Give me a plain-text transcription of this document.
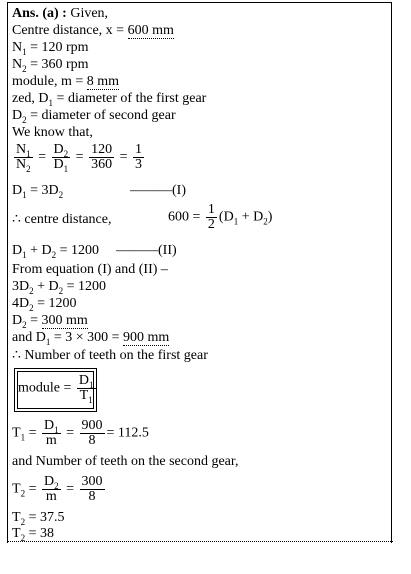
Ans. (a) : Given,
Centre distance, x = 600 mm
$N_1 = 120$ rpm
$N_2 = 360$ rpm
module, m = 8 mm
zed, $D_1$ = diameter of the first gear
$D_2$ = diameter of second gear
We know that,
$\frac{N_1}{N_2} = \frac{D_2}{D_1} = \frac{120}{360} = \frac{1}{3}$
$D_1 = 3D_2$	———(I)
∴ centre distance,	$600 = \frac{1}{2} (D_1 + D_2)$
$D_1 + D_2 = 1200$ ———(II)
From equation (I) and (II) –
$3D_2 + D_2 = 1200$
$4D_2 = 1200$
$D_2 = 300$ mm
and $D_1 = 3 \times 300 = 900$ mm
∴ Number of teeth on the first gear
module = $\frac{D_1}{T_1}$
$T_1 = \frac{D_1}{m} = \frac{900}{8} = 112.5$
and Number of teeth on the second gear,
$T_2 = \frac{D_2}{m} = \frac{300}{8}$
$T_2 = 37.5$
$T_2 = 38$
